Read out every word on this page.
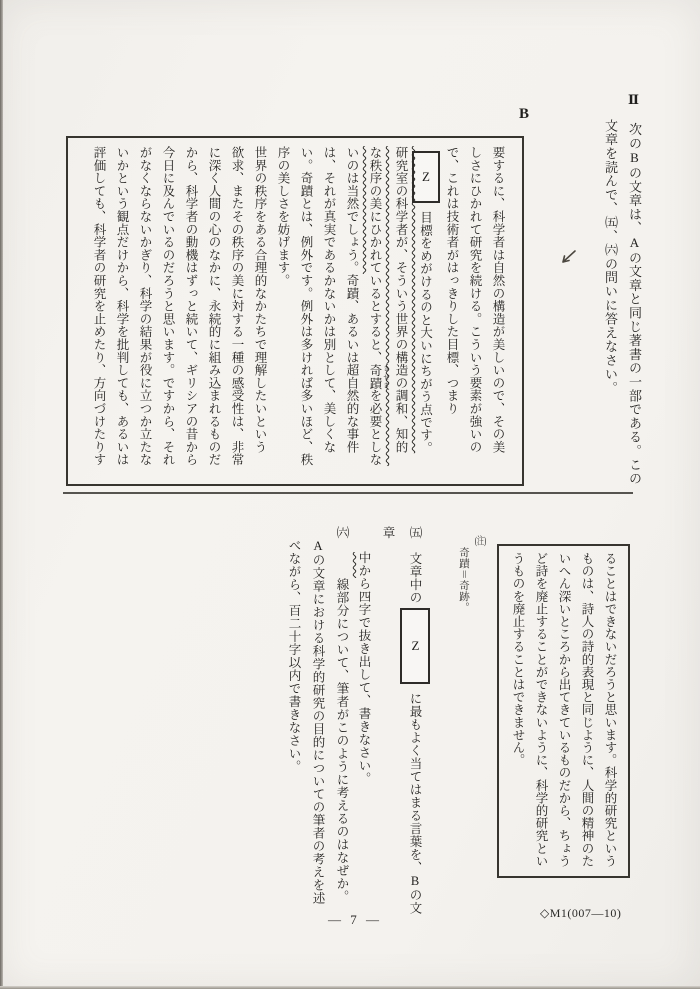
Ⅱ　次のBの文章は、Aの文章と同じ著書の一部である。この
文章を読んで、㈤、㈥の問いに答えなさい。
B
要するに、科学者は自然の構造が美しいので、その美
しさにひかれて研究を続ける。こういう要素が強いの
で、これは技術者がはっきりした目標、つまり
Z目標をめがけるのと大いにちがう点です。
研究室の科学者が、そういう世界の構造の調和、知的
な秩序の美にひかれているとすると、奇蹟 きせきを必要としな
いのは当然でしょう。奇蹟、あるいは超自然的な事件
は、それが真実であるかないかは別として、美しくな
い。奇蹟とは、例外です。例外は多ければ多いほど、秩
序の美しさを妨げます。
世界の秩序をある合理的なかたちで理解したいという
欲求、またその秩序の美に対する一種の感受性は、非常
に深く人間の心のなかに、永続的に組み込まれるものだ
から、科学者の動機はずっと続いて、ギリシアの昔から
今日に及んでいるのだろうと思います。ですから、それ
がなくならないかぎり、科学の結果が役に立つか立たな
いかという観点だけから、科学を批判しても、あるいは
評価しても、科学者の研究を止めたり、方向づけたりす
ることはできないだろうと思います。科学的研究という
ものは、詩人の詩的表現と同じように、人間の精神のた
いへん深いところから出てきているものだから、ちょう
ど詩を廃止することができないように、科学的研究とい
うものを廃止することはできません。
(注)
奇蹟＝奇跡。
㈤　文章中のZに最もよく当てはまる言葉を、Bの文章
中から四字で抜き出して、書きなさい。
㈥　　　線部分について、筆者がこのように考えるのはなぜか。
Aの文章における科学的研究の目的についての筆者の考えを述
べながら、百二十字以内で書きなさい。
— 7 —	◇M1(007—10)
